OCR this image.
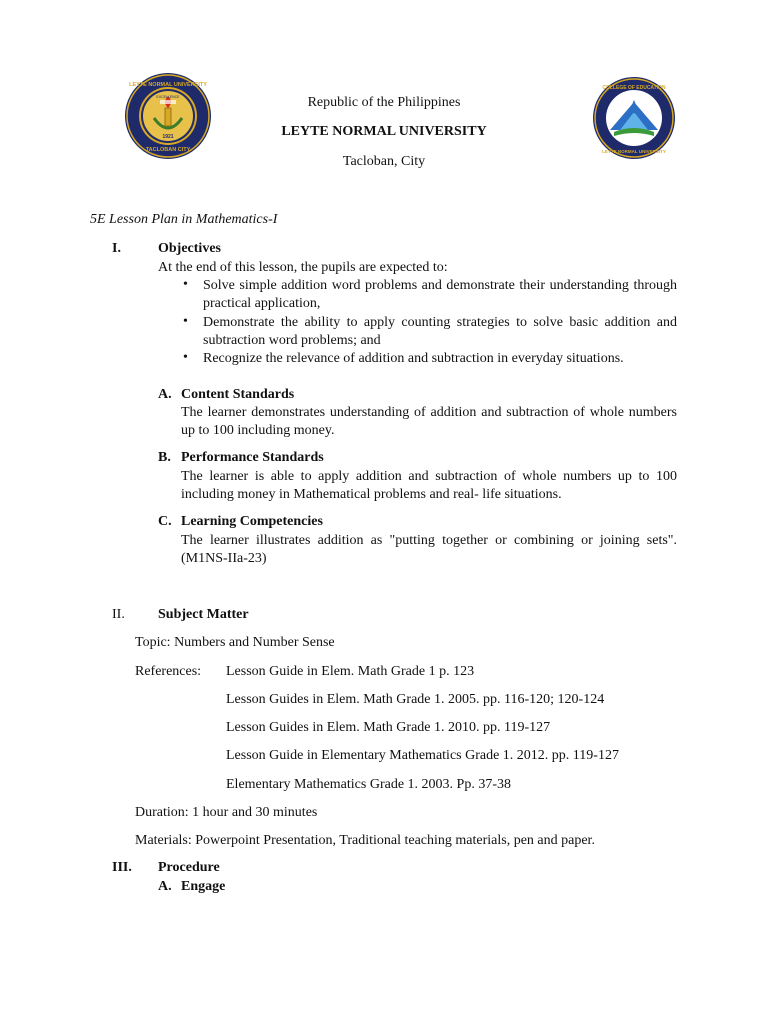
TACLOBAN CITY
LEYTE NORMAL UNIVERSITY
1921
EXCELLENCE
COLLEGE OF EDUCATION
LEYTE NORMAL UNIVERSITY
Republic of the Philippines
LEYTE NORMAL UNIVERSITY
Tacloban, City
5E Lesson Plan in Mathematics-I
I.	Objectives
At the end of this lesson, the pupils are expected to:
• Solve simple addition word problems and demonstrate their understanding through practical application,
• Demonstrate the ability to apply counting strategies to solve basic addition and subtraction word problems; and
• Recognize the relevance of addition and subtraction in everyday situations.
A. Content Standards
The learner demonstrates understanding of addition and subtraction of whole numbers up to 100 including money.
B. Performance Standards
The learner is able to apply addition and subtraction of whole numbers up to 100 including money in Mathematical problems and real- life situations.
C. Learning Competencies
The learner illustrates addition as "putting together or combining or joining sets". (M1NS-IIa-23)
II. Subject Matter
Topic: Numbers and Number Sense
References: Lesson Guide in Elem. Math Grade 1 p. 123
Lesson Guides in Elem. Math Grade 1. 2005. pp. 116-120; 120-124
Lesson Guides in Elem. Math Grade 1. 2010. pp. 119-127
Lesson Guide in Elementary Mathematics Grade 1. 2012. pp. 119-127
Elementary Mathematics Grade 1. 2003. Pp. 37-38
Duration: 1 hour and 30 minutes
Materials: Powerpoint Presentation, Traditional teaching materials, pen and paper.
III. Procedure
A. Engage
